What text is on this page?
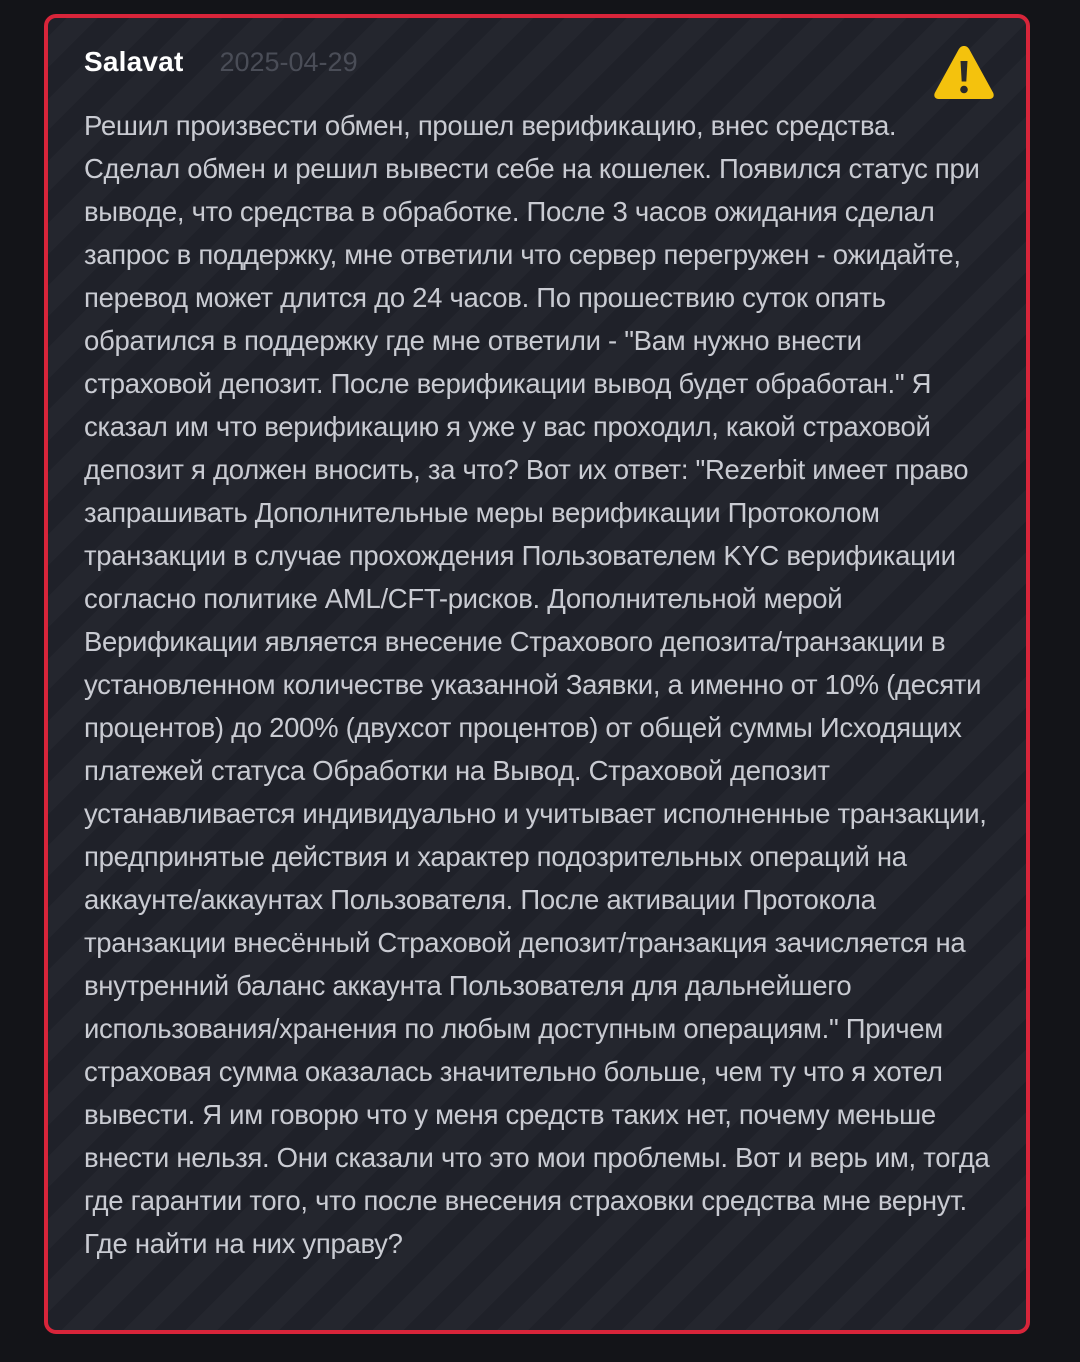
Salavat 2025-04-29

Решил произвести обмен, прошел верификацию, внес средства. Сделал обмен и решил вывести себе на кошелек. Появился статус при выводе, что средства в обработке. После 3 часов ожидания сделал запрос в поддержку, мне ответили что сервер перегружен - ожидайте, перевод может длится до 24 часов. По прошествию суток опять обратился в поддержку где мне ответили - "Вам нужно внести страховой депозит. После верификации вывод будет обработан." Я сказал им что верификацию я уже у вас проходил, какой страховой депозит я должен вносить, за что? Вот их ответ: "Rezerbit имеет право запрашивать Дополнительные меры верификации Протоколом транзакции в случае прохождения Пользователем KYC верификации согласно политике AML/CFT-рисков. Дополнительной мерой Верификации является внесение Страхового депозита/транзакции в установленном количестве указанной Заявки, а именно от 10% (десяти процентов) до 200% (двухсот процентов) от общей суммы Исходящих платежей статуса Обработки на Вывод. Страховой депозит устанавливается индивидуально и учитывает исполненные транзакции, предпринятые действия и характер подозрительных операций на аккаунте/аккаунтах Пользователя. После активации Протокола транзакции внесённый Страховой депозит/транзакция зачисляется на внутренний баланс аккаунта Пользователя для дальнейшего использования/хранения по любым доступным операциям." Причем страховая сумма оказалась значительно больше, чем ту что я хотел вывести. Я им говорю что у меня средств таких нет, почему меньше внести нельзя. Они сказали что это мои проблемы. Вот и верь им, тогда где гарантии того, что после внесения страховки средства мне вернут. Где найти на них управу?
